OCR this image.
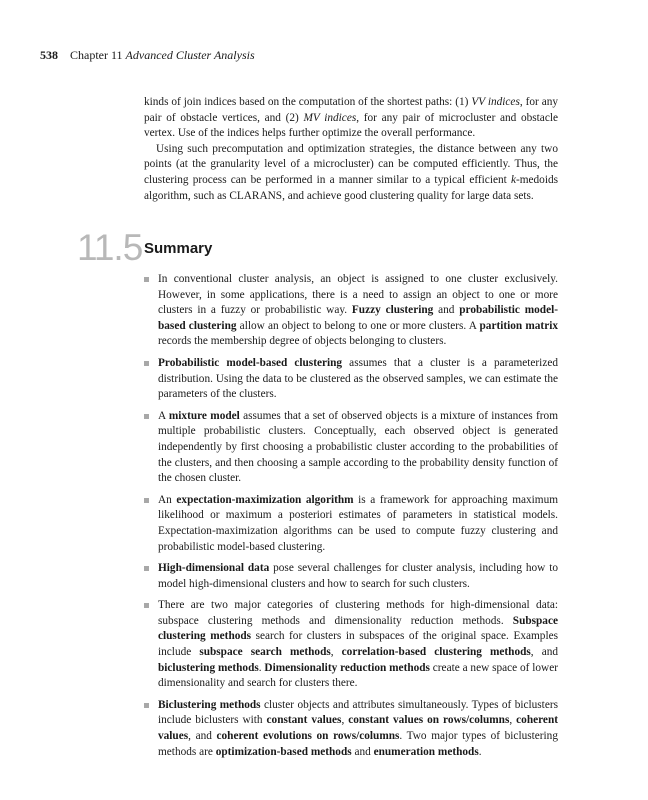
538 Chapter 11 Advanced Cluster Analysis

kinds of join indices based on the computation of the shortest paths: (1) VV indices, for any pair of obstacle vertices, and (2) MV indices, for any pair of microcluster and obstacle vertex. Use of the indices helps further optimize the overall performance.

Using such precomputation and optimization strategies, the distance between any two points (at the granularity level of a microcluster) can be computed efficiently. Thus, the clustering process can be performed in a manner similar to a typical efficient k-medoids algorithm, such as CLARANS, and achieve good clustering quality for large data sets.

11.5 Summary
In conventional cluster analysis, an object is assigned to one cluster exclusively. However, in some applications, there is a need to assign an object to one or more clusters in a fuzzy or probabilistic way. Fuzzy clustering and probabilistic model-based clustering allow an object to belong to one or more clusters. A partition matrix records the membership degree of objects belonging to clusters.
Probabilistic model-based clustering assumes that a cluster is a parameterized distribution. Using the data to be clustered as the observed samples, we can estimate the parameters of the clusters.
A mixture model assumes that a set of observed objects is a mixture of instances from multiple probabilistic clusters. Conceptually, each observed object is generated independently by first choosing a probabilistic cluster according to the probabilities of the clusters, and then choosing a sample according to the probability density function of the chosen cluster.
An expectation-maximization algorithm is a framework for approaching maximum likelihood or maximum a posteriori estimates of parameters in statistical models. Expectation-maximization algorithms can be used to compute fuzzy clustering and probabilistic model-based clustering.
High-dimensional data pose several challenges for cluster analysis, including how to model high-dimensional clusters and how to search for such clusters.
There are two major categories of clustering methods for high-dimensional data: subspace clustering methods and dimensionality reduction methods. Subspace clustering methods search for clusters in subspaces of the original space. Examples include subspace search methods, correlation-based clustering methods, and biclustering methods. Dimensionality reduction methods create a new space of lower dimensionality and search for clusters there.
Biclustering methods cluster objects and attributes simultaneously. Types of biclusters include biclusters with constant values, constant values on rows/columns, coherent values, and coherent evolutions on rows/columns. Two major types of biclustering methods are optimization-based methods and enumeration methods.
